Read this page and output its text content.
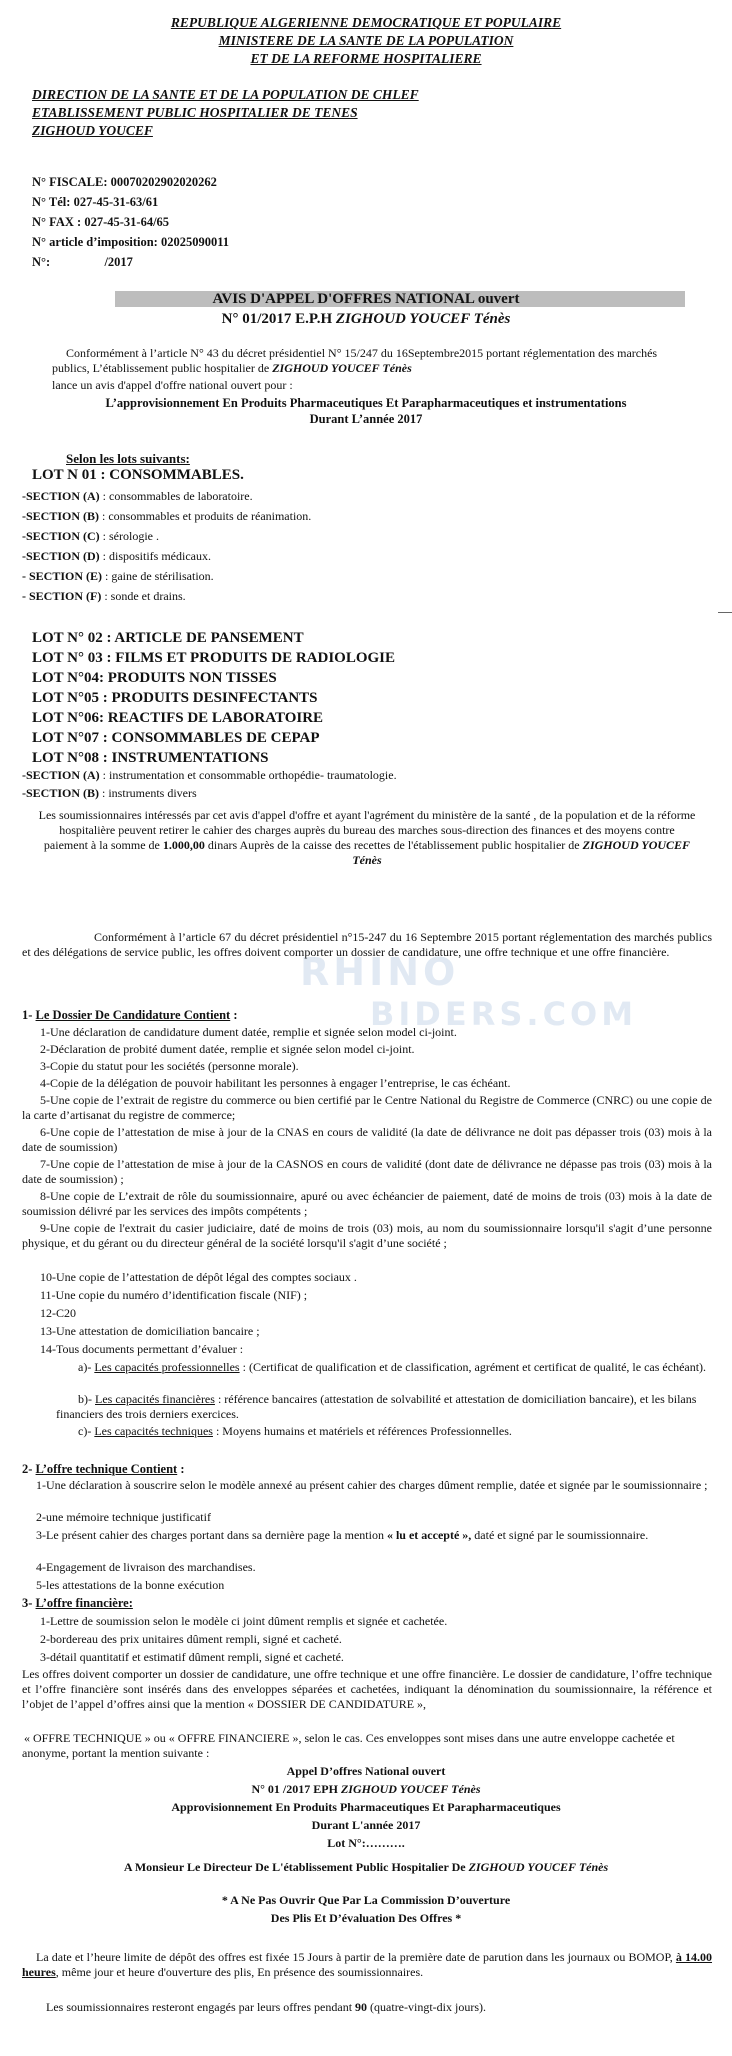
REPUBLIQUE ALGERIENNE DEMOCRATIQUE ET POPULAIRE
MINISTERE DE LA SANTE DE LA POPULATION
ET DE LA REFORME HOSPITALIERE
DIRECTION DE LA SANTE ET DE LA POPULATION DE CHLEF
ETABLISSEMENT PUBLIC HOSPITALIER DE TENES
ZIGHOUD YOUCEF
N° FISCALE: 00070202902020262
N° Tél: 027-45-31-63/61
N° FAX : 027-45-31-64/65
N° article d’imposition: 02025090011
N°:	/2017
AVIS D'APPEL D'OFFRES NATIONAL ouvert
N° 01/2017 E.P.H ZIGHOUD YOUCEF Ténès
Conformément à l’article N° 43 du décret présidentiel N° 15/247 du 16Septembre2015 portant réglementation des marchés publics, L’établissement public hospitalier de ZIGHOUD YOUCEF Ténès
lance un avis d'appel d'offre national ouvert pour :
L’approvisionnement En Produits Pharmaceutiques Et Parapharmaceutiques et instrumentations
Durant L’année 2017
Selon les lots suivants:
LOT N 01 : CONSOMMABLES.
-SECTION (A) : consommables de laboratoire.
-SECTION (B) : consommables et produits de réanimation.
-SECTION (C) : sérologie .
-SECTION (D) : dispositifs médicaux.
- SECTION (E) : gaine de stérilisation.
- SECTION (F) : sonde et drains.
LOT N° 02 : ARTICLE DE PANSEMENT
LOT N° 03 : FILMS ET PRODUITS DE RADIOLOGIE
LOT N°04: PRODUITS NON TISSES
LOT N°05 : PRODUITS DESINFECTANTS
LOT N°06: REACTIFS DE LABORATOIRE
LOT N°07 : CONSOMMABLES DE CEPAP
LOT N°08 : INSTRUMENTATIONS
-SECTION (A) : instrumentation et consommable orthopédie- traumatologie.
-SECTION (B) : instruments divers
Les soumissionnaires intéressés par cet avis d'appel d'offre et ayant l'agrément du ministère de la santé , de la population et de la réforme hospitalière peuvent retirer le cahier des charges auprès du bureau des marches sous-direction des finances et des moyens contre paiement à la somme de 1.000,00 dinars Auprès de la caisse des recettes de l'établissement public hospitalier de ZIGHOUD YOUCEF Ténès
RHINO
BIDERS.COM
Conformément à l’article 67 du décret présidentiel n°15-247 du 16 Septembre 2015 portant réglementation des marchés publics et des délégations de service public, les offres doivent comporter un dossier de candidature, une offre technique et une offre financière.
1- Le Dossier De Candidature Contient :
1-Une déclaration de candidature dument datée, remplie et signée selon model ci-joint.
2-Déclaration de probité dument datée, remplie et signée selon model ci-joint.
3-Copie du statut pour les sociétés (personne morale).
4-Copie de la délégation de pouvoir habilitant les personnes à engager l’entreprise, le cas échéant.
5-Une copie de l’extrait de registre du commerce ou bien certifié par le Centre National du Registre de Commerce (CNRC) ou une copie de la carte d’artisanat du registre de commerce;
6-Une copie de l’attestation de mise à jour de la CNAS en cours de validité (la date de délivrance ne doit pas dépasser trois (03) mois à la date de soumission)
7-Une copie de l’attestation de mise à jour de la CASNOS en cours de validité (dont date de délivrance ne dépasse pas trois (03) mois à la date de soumission) ;
8-Une copie de L’extrait de rôle du soumissionnaire, apuré ou avec échéancier de paiement, daté de moins de trois (03) mois à la date de soumission délivré par les services des impôts compétents ;
9-Une copie de l'extrait du casier judiciaire, daté de moins de trois (03) mois, au nom du soumissionnaire lorsqu'il s'agit d’une personne physique, et du gérant ou du directeur général de la société lorsqu'il s'agit d’une société ;
10-Une copie de l’attestation de dépôt légal des comptes sociaux .
11-Une copie du numéro d’identification fiscale (NIF) ;
12-C20
13-Une attestation de domiciliation bancaire ;
14-Tous documents permettant d’évaluer :
a)- Les capacités professionnelles : (Certificat de qualification et de classification, agrément et certificat de qualité, le cas échéant).
b)- Les capacités financières : référence bancaires (attestation de solvabilité et attestation de domiciliation bancaire), et les bilans financiers des trois derniers exercices.
c)- Les capacités techniques : Moyens humains et matériels et références Professionnelles.
2- L’offre technique Contient :
1-Une déclaration à souscrire selon le modèle annexé au présent cahier des charges dûment remplie, datée et signée par le soumissionnaire ;
2-une mémoire technique justificatif
3-Le présent cahier des charges portant dans sa dernière page la mention « lu et accepté », daté et signé par le soumissionnaire.
4-Engagement de livraison des marchandises.
5-les attestations de la bonne exécution
3- L’offre financière:
1-Lettre de soumission selon le modèle ci joint dûment remplis et signée et cachetée.
2-bordereau des prix unitaires dûment rempli, signé et cacheté.
3-détail quantitatif et estimatif dûment rempli, signé et cacheté.
Les offres doivent comporter un dossier de candidature, une offre technique et une offre financière. Le dossier de candidature, l’offre technique et l’offre financière sont insérés dans des enveloppes séparées et cachetées, indiquant la dénomination du soumissionnaire, la référence et l’objet de l’appel d’offres ainsi que la mention « DOSSIER DE CANDIDATURE »,
« OFFRE TECHNIQUE » ou « OFFRE FINANCIERE », selon le cas. Ces enveloppes sont mises dans une autre enveloppe cachetée et anonyme, portant la mention suivante :
Appel D’offres National ouvert
N° 01 /2017 EPH ZIGHOUD YOUCEF Ténès
Approvisionnement En Produits Pharmaceutiques Et Parapharmaceutiques
Durant L'année 2017
Lot N°:……….
A Monsieur Le Directeur De L'établissement Public Hospitalier De ZIGHOUD YOUCEF Ténès
* A Ne Pas Ouvrir Que Par La Commission D’ouverture
Des Plis Et D’évaluation Des Offres *
La date et l’heure limite de dépôt des offres est fixée 15 Jours à partir de la première date de parution dans les journaux ou BOMOP, à 14.00 heures, même jour et heure d'ouverture des plis, En présence des soumissionnaires.
Les soumissionnaires resteront engagés par leurs offres pendant 90 (quatre-vingt-dix jours).
